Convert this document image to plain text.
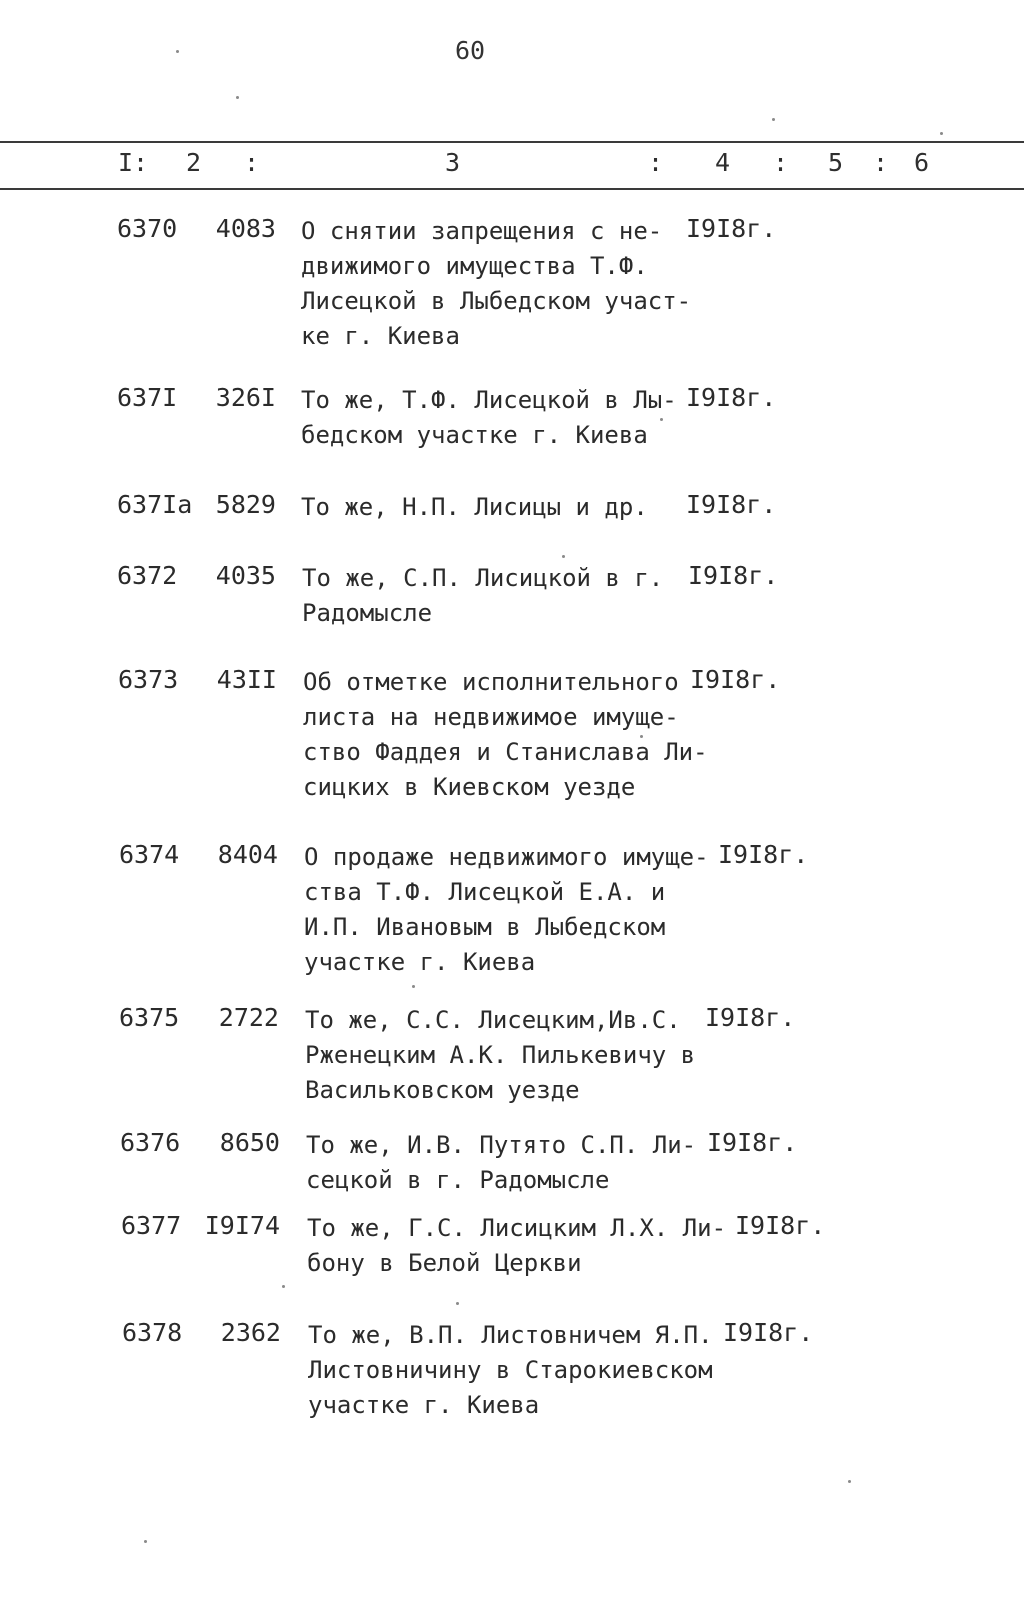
60
I: 2 :	3	: 4 : 5 : 6
6370	4083 О снятии запрещения с не-
движимого имущества Т.Ф.
Лисецкой в Лыбедском участ-
ке г. Киева
I9I8г.
637I	326I То же, Т.Ф. Лисецкой в Лы-
бедском участке г. Киева
I9I8г.
637Iа 5829 То же, Н.П. Лисицы и др.	I9I8г.
6372	4035 То же, С.П. Лисицкой в г.
Радомысле
I9I8г.
6373	43II Об отметке исполнительного
листа на недвижимое имуще-
ство Фаддея и Станислава Ли-
сицких в Киевском уезде
I9I8г.
6374	8404 О продаже недвижимого имуще-
ства Т.Ф. Лисецкой Е.А. и
И.П. Ивановым в Лыбедском
участке г. Киева
I9I8г.
6375	2722 То же, С.С. Лисецким,Ив.С.
Рженецким А.К. Пилькевичу в
Васильковском уезде
I9I8г.
6376	8650 То же, И.В. Путято С.П. Ли-
сецкой в г. Радомысле
I9I8г.
6377 I9I74 То же, Г.С. Лисицким Л.Х. Ли-
бону в Белой Церкви
I9I8г.
6378	2362 То же, В.П. Листовничем Я.П.
Листовничину в Старокиевском
участке г. Киева
I9I8г.
